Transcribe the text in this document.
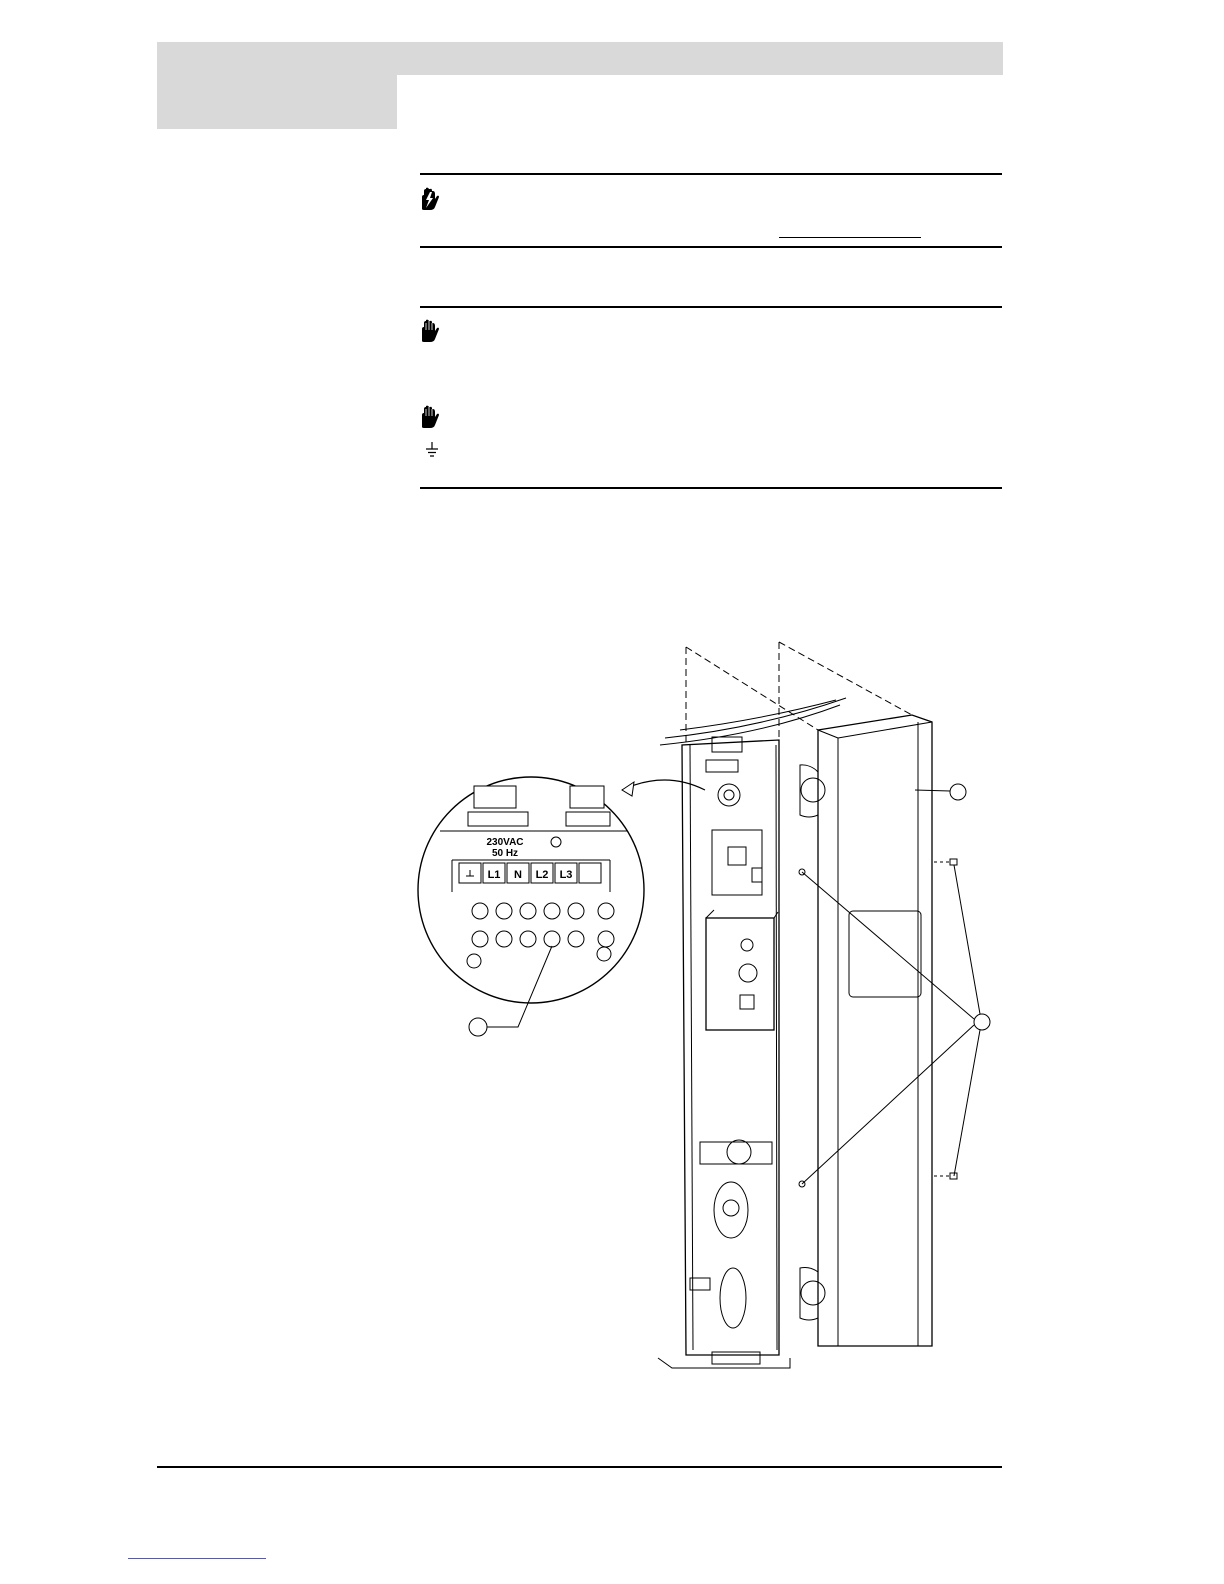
230VAC
50 Hz
L1 N L2 L3
